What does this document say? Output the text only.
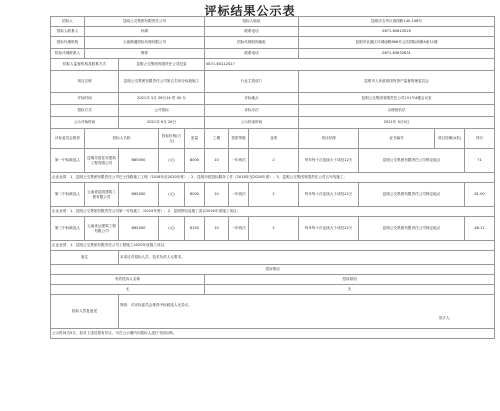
评标结果公示表
招标人	昆明公交集团有限责任公司				招标人地址			昆明市五华区西园路140-148号			
招标人联系人	孙婧				联系电话			0871-65815525			
招标代理机构	云南鼎通招标代理有限公司				招标代理机构地址			昆明市官渡区环城南路668号云纺国际商厦A座11楼			
招标代理联系人	鲁婷				联系电话			0871-63632631			
招标人监督机构及联系方式		昆明公交集团有限责任公司纪委			0871-63112527						
项目名称		昆明公交集团有限责任公司第五名单分标段施工			行业主管部门			昆明市人民政府国有资产监督管理委员会			
开标时间		2021年 5月 28日14 时 00 分			开标地点			昆明公交集团有限责任公司151号4楼会议室			
招标方式		公开招标			评标办法			合理低价法			
公示开始时间		2021年 6月 29日			公示结束时间			2021年 5月5日			
评标委员会推荐	投标人名称		投标价格(万元)	质量	工期	资质等级	业绩	项目经理	证书编号	项目经理(A类)	得分
第一中标候选人	昆明市富佳安建筑工程有限公司	B65000	(元)	8000	10	一年两次	2	每年每十次连续大于或经12天	昆明公交集团有限责任公司保定地点		71
企业业绩：1、昆明公交集团有限责任公司巴士线路施工工程（2018年至2020年度）；2、昆明市招投标服务工作（2018年至2020年度）；3、昆明公交集团有限责任公司五号线施工；											
第二中标候选人	云南省昆明建筑工程有限公司	B65000	(元)	8000	10	一年两次	2	每年每十次连续大于或经12天	昆明公交集团有限责任公司保定地点		61.00
企业业绩：1、昆明公交集团有限责任公司第一号线施工（2019年度）；2、昆明供电局施工项目2020年度施工项目；											
第三中标候选人	云南优达建筑工程有限公司	B65000	(元)	8250	10	一年两次	2	每年每十次连续大于或经12天	昆明公交集团有限责任公司保定地点		48.11
企业业绩：1、昆明公交集团有限责任公司工程施工2020年度施工项目；											
备注		本项目对招标人员、技术负责人无要求。									
投诉情况											
有效投诉人名称					投诉原因						
无					无						
招标人答复意见		网查：对评标委员会推荐中标候选人无异议。
签字人：									

公示时间为5日，如对上述结果有异议，可在公示期内向招标人进行书面反映。											
